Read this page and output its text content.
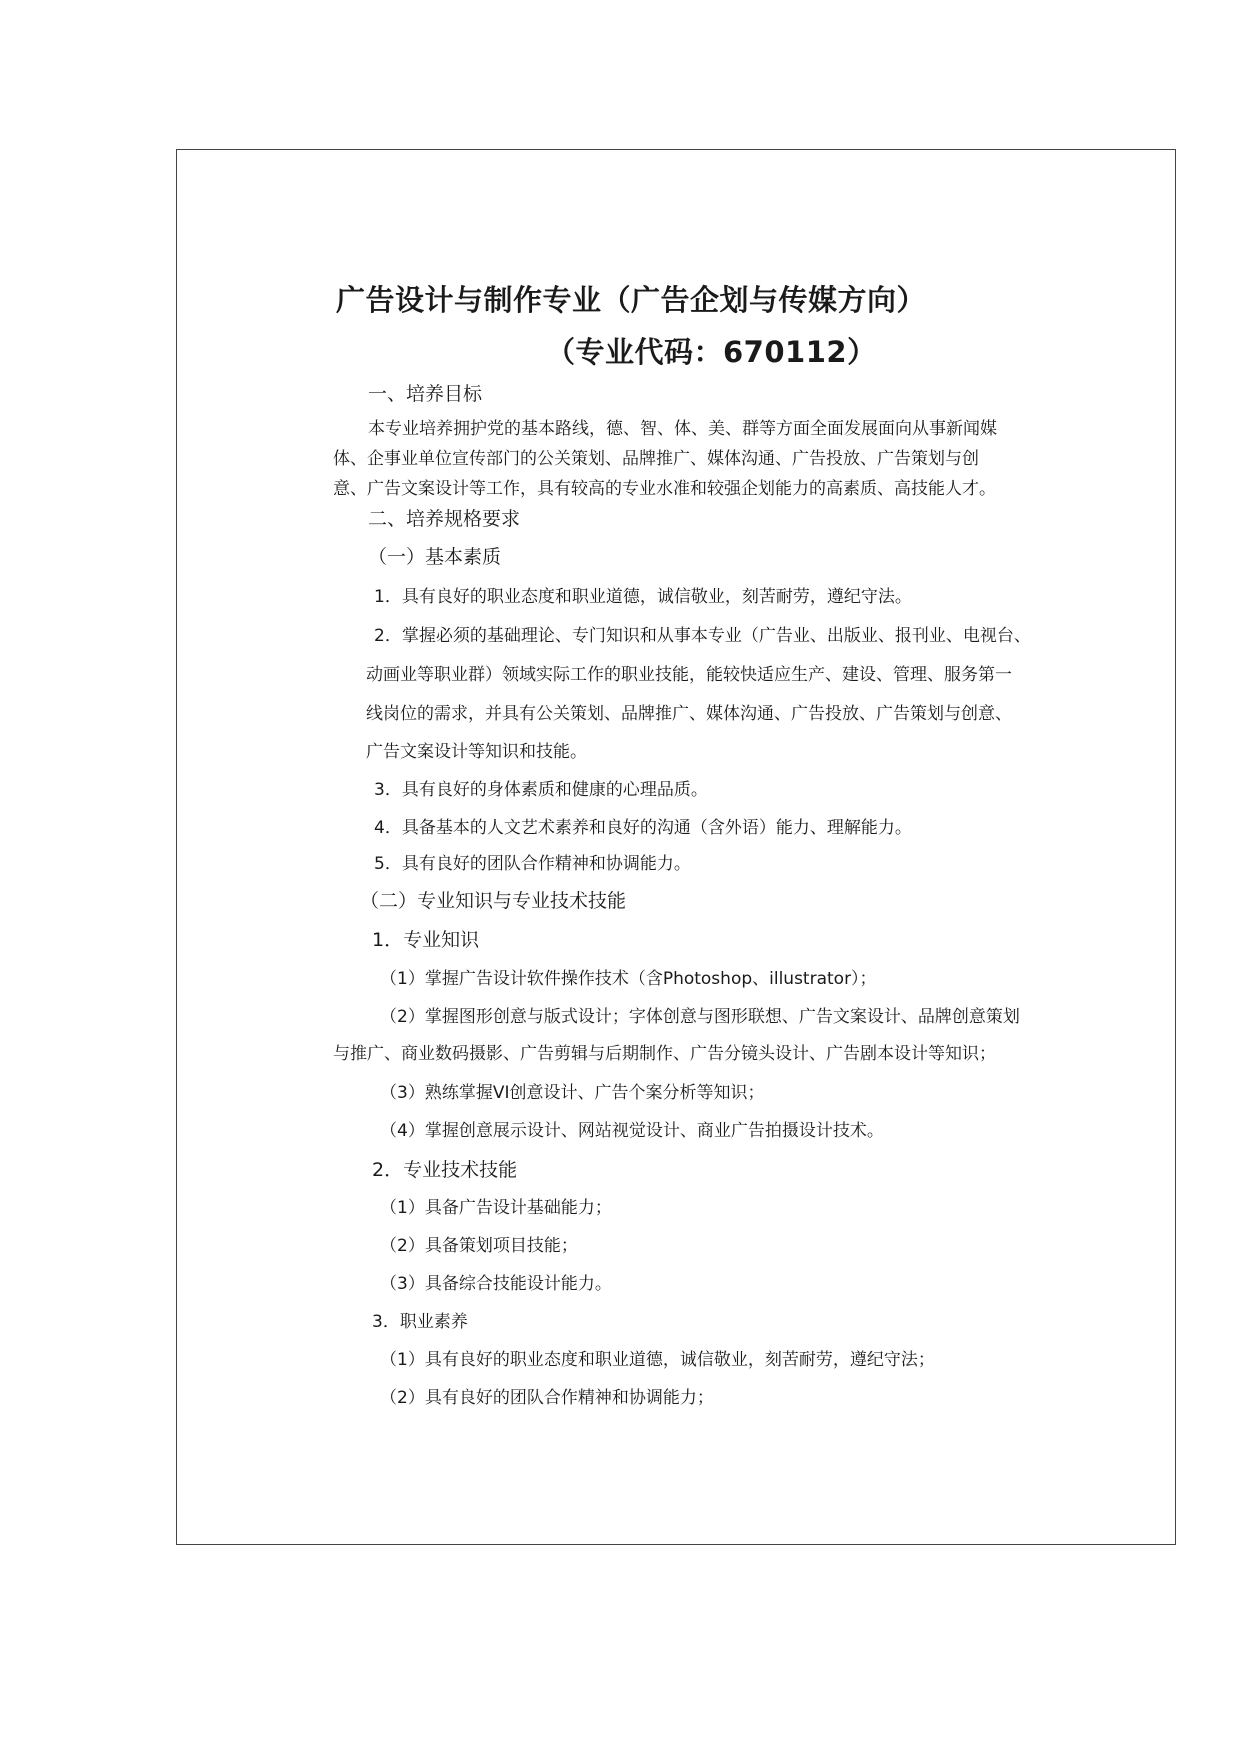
广告设计与制作专业（广告企划与传媒方向）
（专业代码：670112）
一、培养目标
本专业培养拥护党的基本路线，德、智、体、美、群等方面全面发展面向从事新闻媒
体、企事业单位宣传部门的公关策划、品牌推广、媒体沟通、广告投放、广告策划与创
意、广告文案设计等工作，具有较高的专业水准和较强企划能力的高素质、高技能人才。
二、培养规格要求
（一）基本素质
1．具有良好的职业态度和职业道德，诚信敬业，刻苦耐劳，遵纪守法。
2．掌握必须的基础理论、专门知识和从事本专业（广告业、出版业、报刊业、电视台、
动画业等职业群）领域实际工作的职业技能，能较快适应生产、建设、管理、服务第一
线岗位的需求，并具有公关策划、品牌推广、媒体沟通、广告投放、广告策划与创意、
广告文案设计等知识和技能。
3．具有良好的身体素质和健康的心理品质。
4．具备基本的人文艺术素养和良好的沟通（含外语）能力、理解能力。
5．具有良好的团队合作精神和协调能力。
（二）专业知识与专业技术技能
1．专业知识
（1）掌握广告设计软件操作技术（含Photoshop、illustrator）；
（2）掌握图形创意与版式设计；字体创意与图形联想、广告文案设计、品牌创意策划
与推广、商业数码摄影、广告剪辑与后期制作、广告分镜头设计、广告剧本设计等知识；
（3）熟练掌握VI创意设计、广告个案分析等知识；
（4）掌握创意展示设计、网站视觉设计、商业广告拍摄设计技术。
2．专业技术技能
（1）具备广告设计基础能力；
（2）具备策划项目技能；
（3）具备综合技能设计能力。
3．职业素养
（1）具有良好的职业态度和职业道德，诚信敬业，刻苦耐劳，遵纪守法；
（2）具有良好的团队合作精神和协调能力；
